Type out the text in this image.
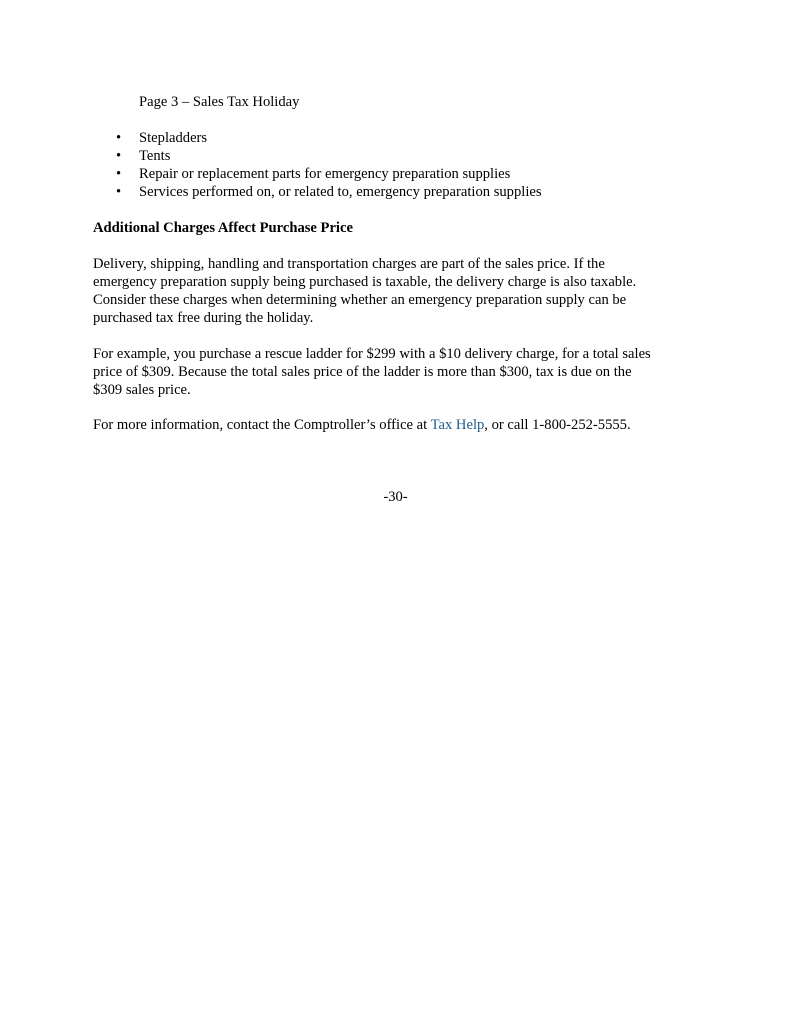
Page 3 – Sales Tax Holiday

• Stepladders
• Tents
• Repair or replacement parts for emergency preparation supplies
• Services performed on, or related to, emergency preparation supplies
Additional Charges Affect Purchase Price

Delivery, shipping, handling and transportation charges are part of the sales price. If the
emergency preparation supply being purchased is taxable, the delivery charge is also taxable.
Consider these charges when determining whether an emergency preparation supply can be
purchased tax free during the holiday.

For example, you purchase a rescue ladder for $299 with a $10 delivery charge, for a total sales
price of $309. Because the total sales price of the ladder is more than $300, tax is due on the
$309 sales price.

For more information, contact the Comptroller’s office at Tax Help, or call 1-800-252-5555.

-30-
